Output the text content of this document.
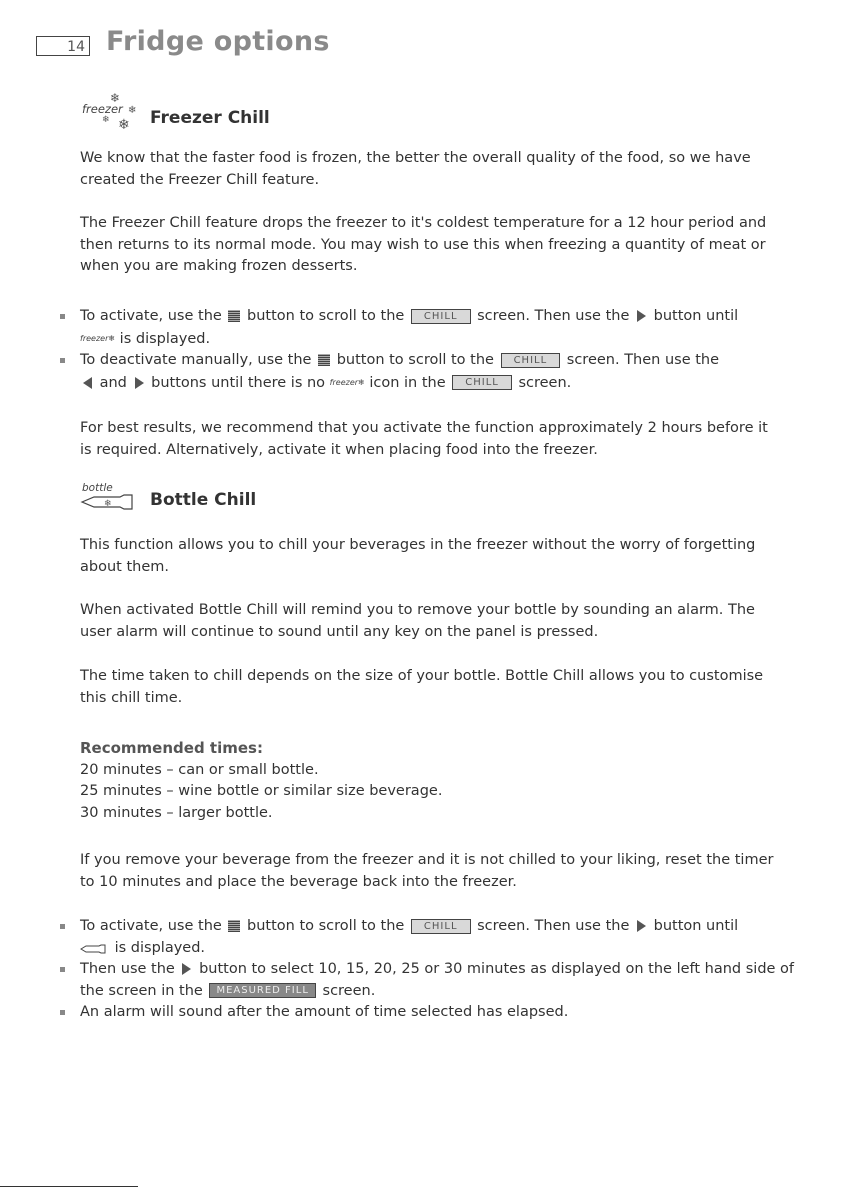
14 Fridge options
freezer
❄
❄
❄ ❄ Freezer Chill

We know that the faster food is frozen, the better the overall quality of the food, so we have created the Freezer Chill feature.

The Freezer Chill feature drops the freezer to it's coldest temperature for a 12 hour period and then returns to its normal mode. You may wish to use this when freezing a quantity of meat or when you are making frozen desserts.

To activate, use the button to scroll to the CHILL screen. Then use the button until
freezer❄ is displayed.
To deactivate manually, use the button to scroll to the CHILL screen. Then use the
and buttons until there is no freezer❄ icon in the CHILL screen.

For best results, we recommend that you activate the function approximately 2 hours before it is required. Alternatively, activate it when placing food into the freezer.

bottle
❄ Bottle Chill

This function allows you to chill your beverages in the freezer without the worry of forgetting about them.

When activated Bottle Chill will remind you to remove your bottle by sounding an alarm. The user alarm will continue to sound until any key on the panel is pressed.

The time taken to chill depends on the size of your bottle. Bottle Chill allows you to customise this chill time.

Recommended times:

20 minutes – can or small bottle.

25 minutes – wine bottle or similar size beverage.

30 minutes – larger bottle.

If you remove your beverage from the freezer and it is not chilled to your liking, reset the timer to 10 minutes and place the beverage back into the freezer.

To activate, use the button to scroll to the CHILL screen. Then use the button until
is displayed.
Then use the button to select 10, 15, 20, 25 or 30 minutes as displayed on the left hand side of the screen in the MEASURED FILL screen.
An alarm will sound after the amount of time selected has elapsed.
